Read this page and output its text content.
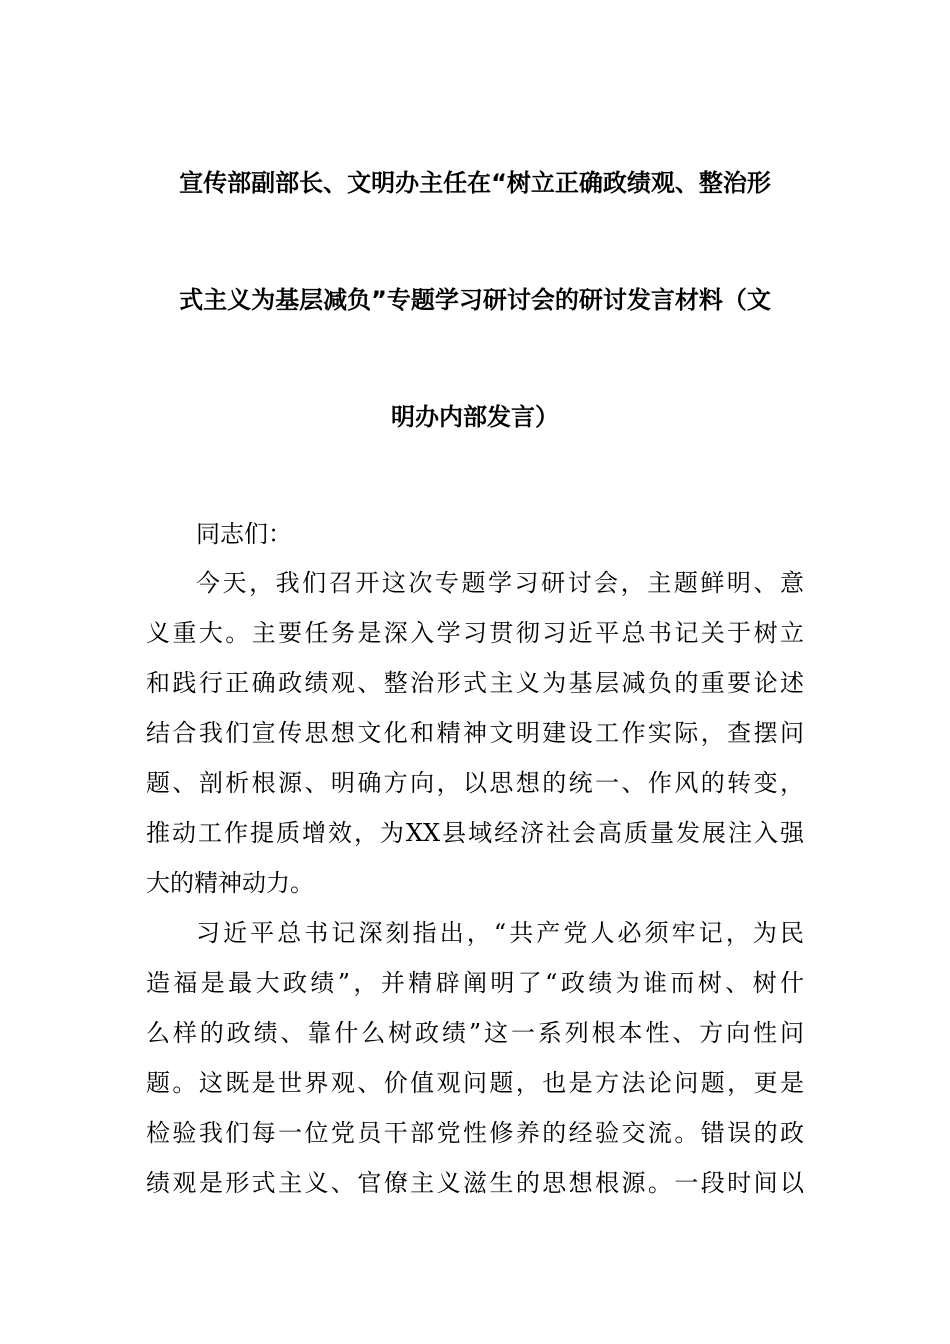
宣传部副部长、文明办主任在“树立正确政绩观、整治形
式主义为基层减负”专题学习研讨会的研讨发言材料（文
明办内部发言）
同志们：
今天，我们召开这次专题学习研讨会，主题鲜明、意
义重大。主要任务是深入学习贯彻习近平总书记关于树立
和践行正确政绩观、整治形式主义为基层减负的重要论述
结合我们宣传思想文化和精神文明建设工作实际，查摆问
题、剖析根源、明确方向，以思想的统一、作风的转变，
推动工作提质增效，为XX县域经济社会高质量发展注入强
大的精神动力。
习近平总书记深刻指出，“共产党人必须牢记，为民
造福是最大政绩”，并精辟阐明了“政绩为谁而树、树什
么样的政绩、靠什么树政绩”这一系列根本性、方向性问
题。这既是世界观、价值观问题，也是方法论问题，更是
检验我们每一位党员干部党性修养的经验交流。错误的政
绩观是形式主义、官僚主义滋生的思想根源。一段时间以
